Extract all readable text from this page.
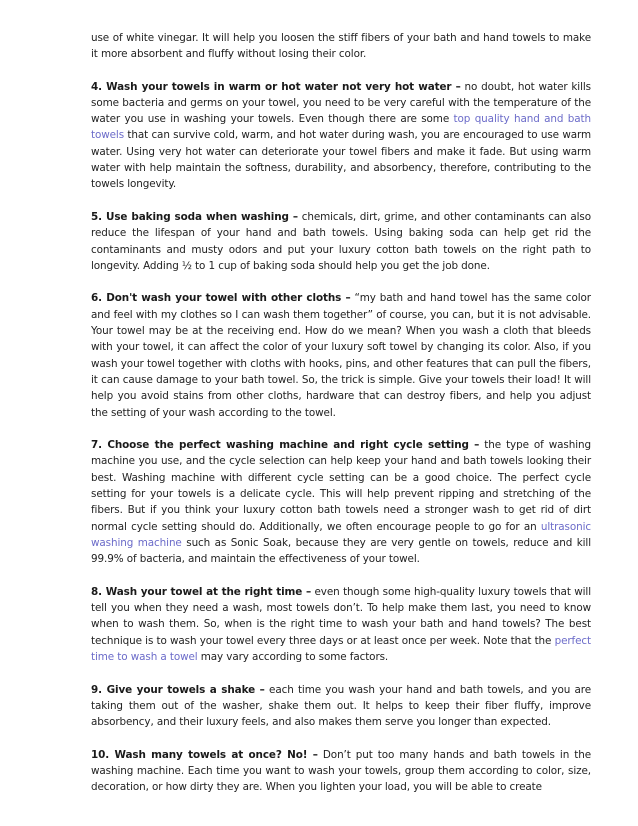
use of white vinegar. It will help you loosen the stiff fibers of your bath and hand towels to make it more absorbent and fluffy without losing their color.

4. Wash your towels in warm or hot water not very hot water – no doubt, hot water kills some bacteria and germs on your towel, you need to be very careful with the temperature of the water you use in washing your towels. Even though there are some top quality hand and bath towels that can survive cold, warm, and hot water during wash, you are encouraged to use warm water. Using very hot water can deteriorate your towel fibers and make it fade. But using warm water with help maintain the softness, durability, and absorbency, therefore, contributing to the towels longevity.

5. Use baking soda when washing – chemicals, dirt, grime, and other contaminants can also reduce the lifespan of your hand and bath towels. Using baking soda can help get rid the contaminants and musty odors and put your luxury cotton bath towels on the right path to longevity. Adding ½ to 1 cup of baking soda should help you get the job done.

6. Don't wash your towel with other cloths – “my bath and hand towel has the same color and feel with my clothes so I can wash them together” of course, you can, but it is not advisable. Your towel may be at the receiving end. How do we mean? When you wash a cloth that bleeds with your towel, it can affect the color of your luxury soft towel by changing its color. Also, if you wash your towel together with cloths with hooks, pins, and other features that can pull the fibers, it can cause damage to your bath towel. So, the trick is simple. Give your towels their load! It will help you avoid stains from other cloths, hardware that can destroy fibers, and help you adjust the setting of your wash according to the towel.

7. Choose the perfect washing machine and right cycle setting – the type of washing machine you use, and the cycle selection can help keep your hand and bath towels looking their best. Washing machine with different cycle setting can be a good choice. The perfect cycle setting for your towels is a delicate cycle. This will help prevent ripping and stretching of the fibers. But if you think your luxury cotton bath towels need a stronger wash to get rid of dirt normal cycle setting should do. Additionally, we often encourage people to go for an ultrasonic washing machine such as Sonic Soak, because they are very gentle on towels, reduce and kill 99.9% of bacteria, and maintain the effectiveness of your towel.

8. Wash your towel at the right time – even though some high-quality luxury towels that will tell you when they need a wash, most towels don’t. To help make them last, you need to know when to wash them. So, when is the right time to wash your bath and hand towels? The best technique is to wash your towel every three days or at least once per week. Note that the perfect time to wash a towel may vary according to some factors.

9. Give your towels a shake – each time you wash your hand and bath towels, and you are taking them out of the washer, shake them out. It helps to keep their fiber fluffy, improve absorbency, and their luxury feels, and also makes them serve you longer than expected.

10. Wash many towels at once? No! – Don’t put too many hands and bath towels in the washing machine. Each time you want to wash your towels, group them according to color, size, decoration, or how dirty they are. When you lighten your load, you will be able to create
